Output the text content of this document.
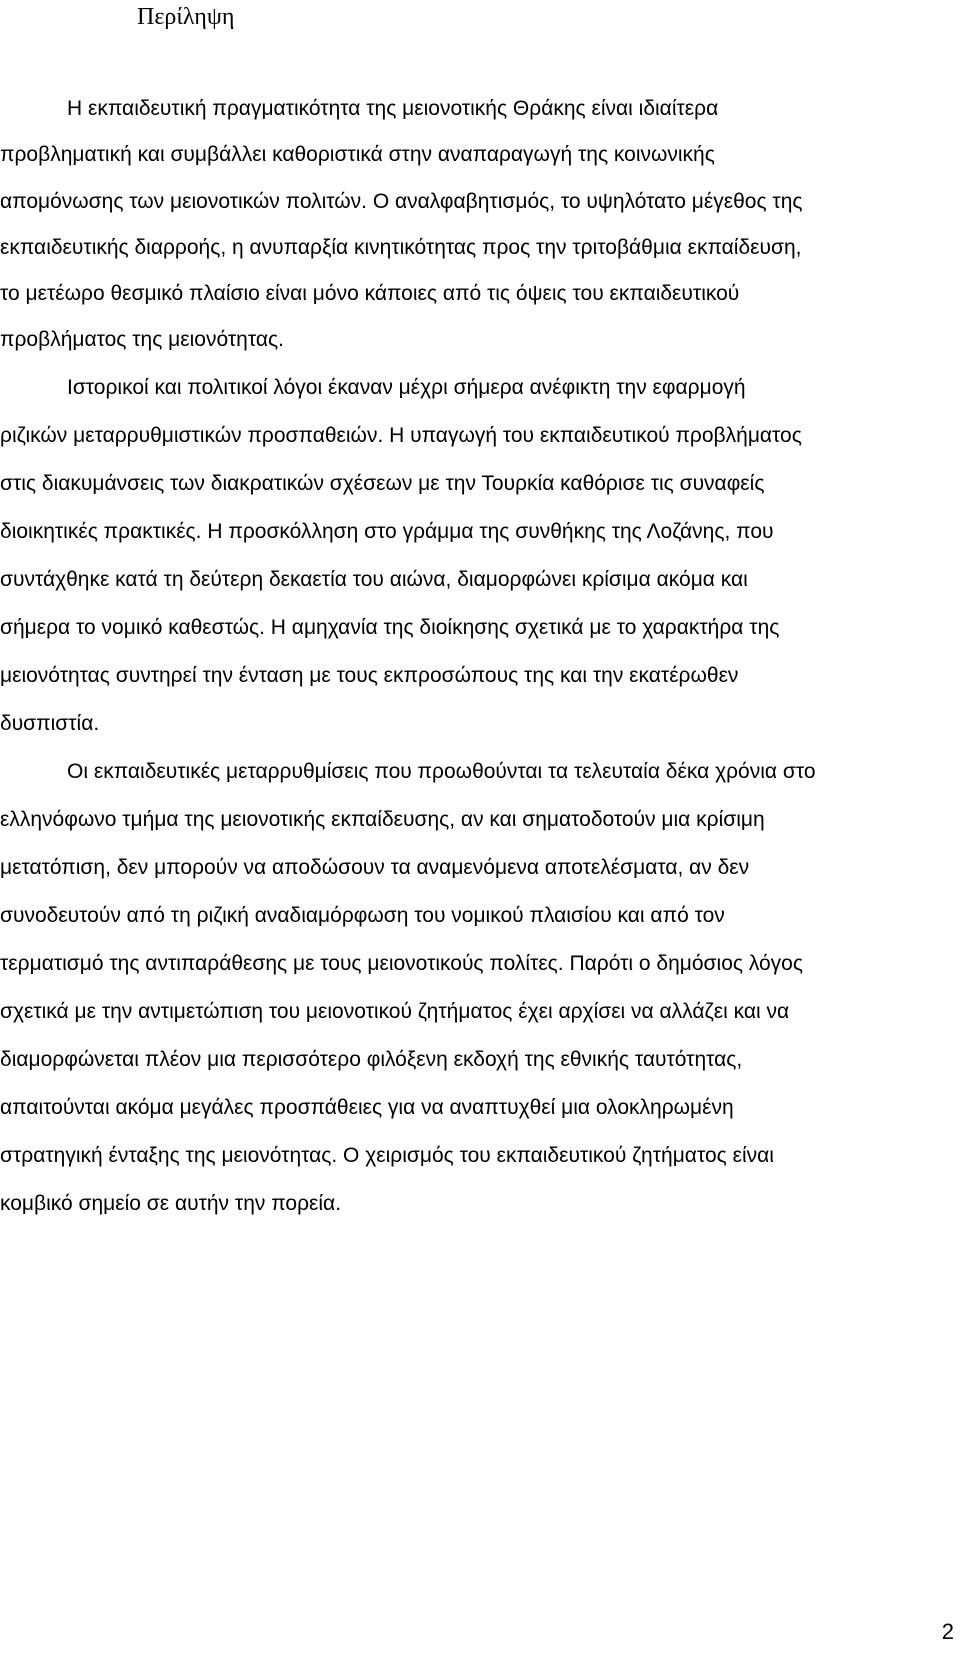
Περίληψη
Η εκπαιδευτική πραγματικότητα της μειονοτικής Θράκης είναι ιδιαίτερα
προβληματική και συμβάλλει καθοριστικά στην αναπαραγωγή της κοινωνικής
απομόνωσης των μειονοτικών πολιτών. Ο αναλφαβητισμός, το υψηλότατο μέγεθος της
εκπαιδευτικής διαρροής, η ανυπαρξία κινητικότητας προς την τριτοβάθμια εκπαίδευση,
το μετέωρο θεσμικό πλαίσιο είναι μόνο κάποιες από τις όψεις του εκπαιδευτικού
προβλήματος της μειονότητας.
Ιστορικοί και πολιτικοί λόγοι έκαναν μέχρι σήμερα ανέφικτη την εφαρμογή
ριζικών μεταρρυθμιστικών προσπαθειών. Η υπαγωγή του εκπαιδευτικού προβλήματος
στις διακυμάνσεις των διακρατικών σχέσεων με την Τουρκία καθόρισε τις συναφείς
διοικητικές πρακτικές. Η προσκόλληση στο γράμμα της συνθήκης της Λοζάνης, που
συντάχθηκε κατά τη δεύτερη δεκαετία του αιώνα, διαμορφώνει κρίσιμα ακόμα και
σήμερα το νομικό καθεστώς. Η αμηχανία της διοίκησης σχετικά με το χαρακτήρα της
μειονότητας συντηρεί την ένταση με τους εκπροσώπους της και την εκατέρωθεν
δυσπιστία.
Οι εκπαιδευτικές μεταρρυθμίσεις που προωθούνται τα τελευταία δέκα χρόνια στο
ελληνόφωνο τμήμα της μειονοτικής εκπαίδευσης, αν και σηματοδοτούν μια κρίσιμη
μετατόπιση, δεν μπορούν να αποδώσουν τα αναμενόμενα αποτελέσματα, αν δεν
συνοδευτούν από τη ριζική αναδιαμόρφωση του νομικού πλαισίου και από τον
τερματισμό της αντιπαράθεσης με τους μειονοτικούς πολίτες. Παρότι ο δημόσιος λόγος
σχετικά με την αντιμετώπιση του μειονοτικού ζητήματος έχει αρχίσει να αλλάζει και να
διαμορφώνεται πλέον μια περισσότερο φιλόξενη εκδοχή της εθνικής ταυτότητας,
απαιτούνται ακόμα μεγάλες προσπάθειες για να αναπτυχθεί μια ολοκληρωμένη
στρατηγική ένταξης της μειονότητας. Ο χειρισμός του εκπαιδευτικού ζητήματος είναι
κομβικό σημείο σε αυτήν την πορεία.
2
